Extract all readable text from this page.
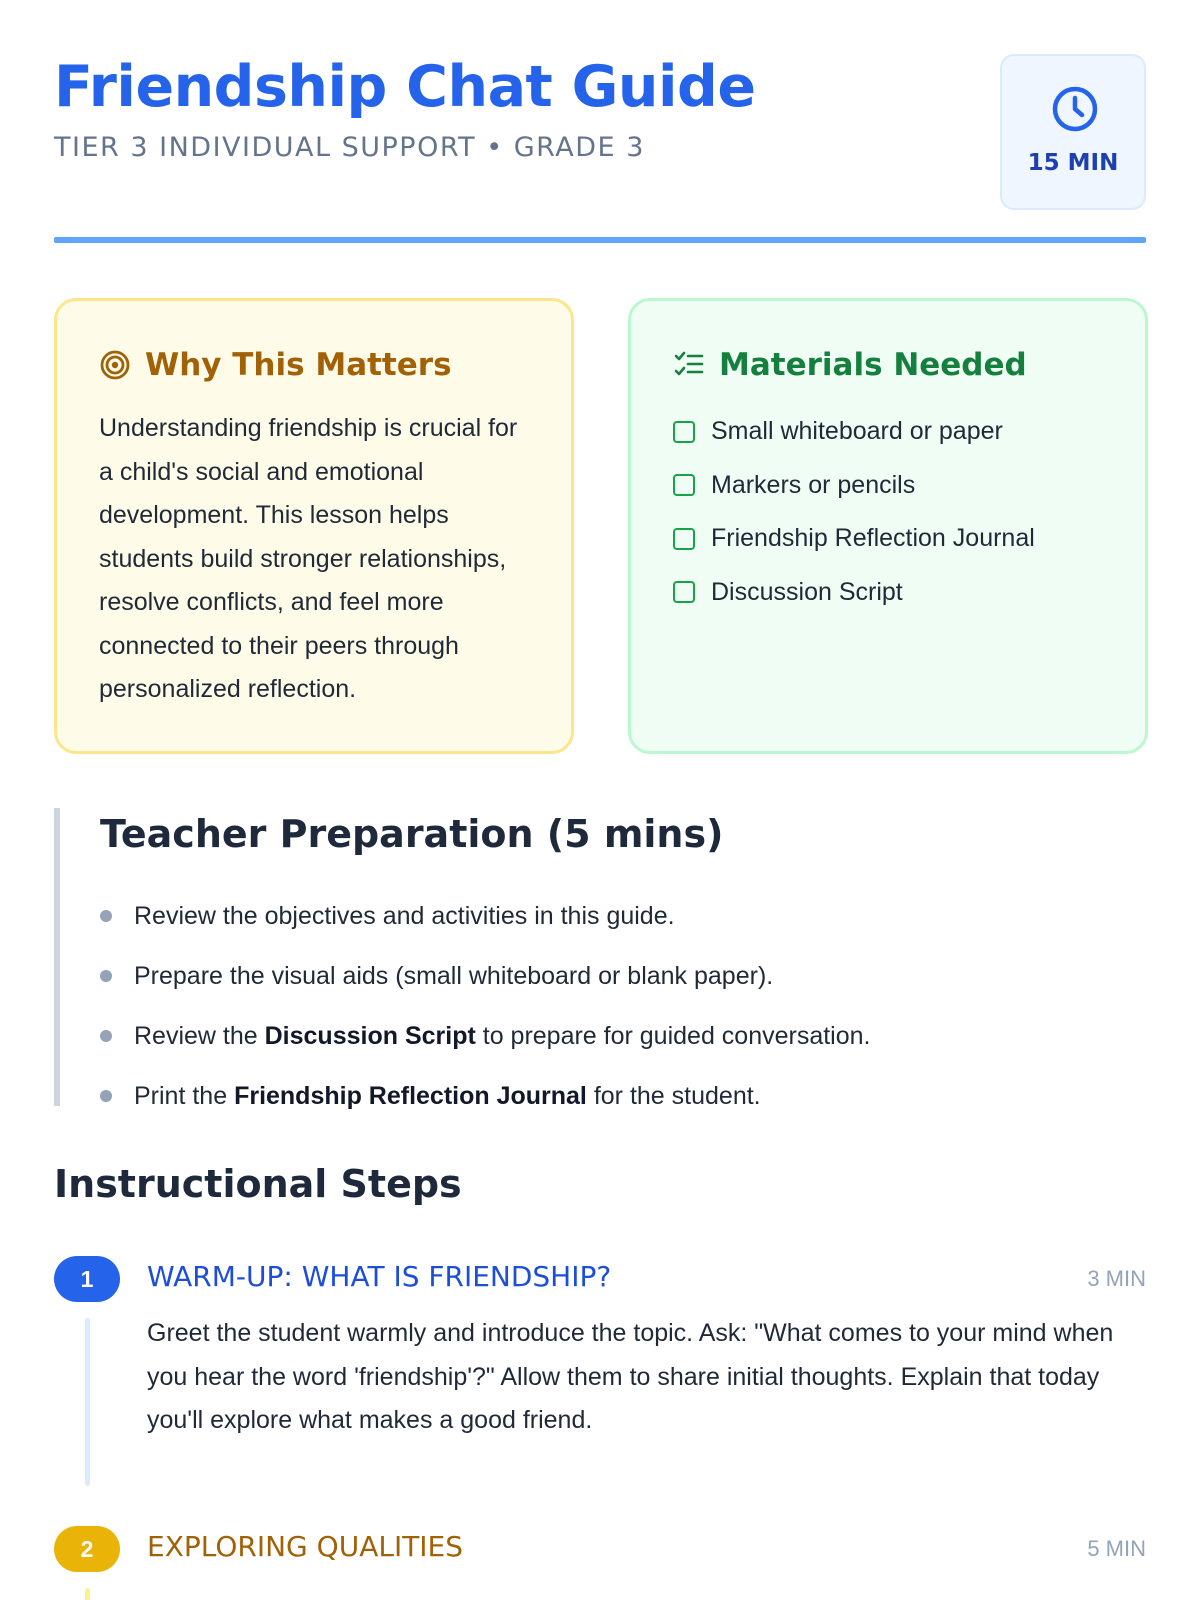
Friendship Chat Guide
TIER 3 INDIVIDUAL SUPPORT • GRADE 3	15 MIN
Why This Matters

Understanding friendship is crucial for a child's social and emotional development. This lesson helps students build stronger relationships, resolve conflicts, and feel more connected to their peers through personalized reflection.

Materials Needed
Small whiteboard or paper
Markers or pencils
Friendship Reflection Journal
Discussion Script
Teacher Preparation (5 mins)
Review the objectives and activities in this guide.
Prepare the visual aids (small whiteboard or blank paper).
Review the Discussion Script to prepare for guided conversation.
Print the Friendship Reflection Journal for the student.
Instructional Steps
1	WARM-UP: WHAT IS FRIENDSHIP?	3 MIN

Greet the student warmly and introduce the topic. Ask: "What comes to your mind when you hear the word 'friendship'?" Allow them to share initial thoughts. Explain that today you'll explore what makes a good friend.

2	EXPLORING QUALITIES	5 MIN
